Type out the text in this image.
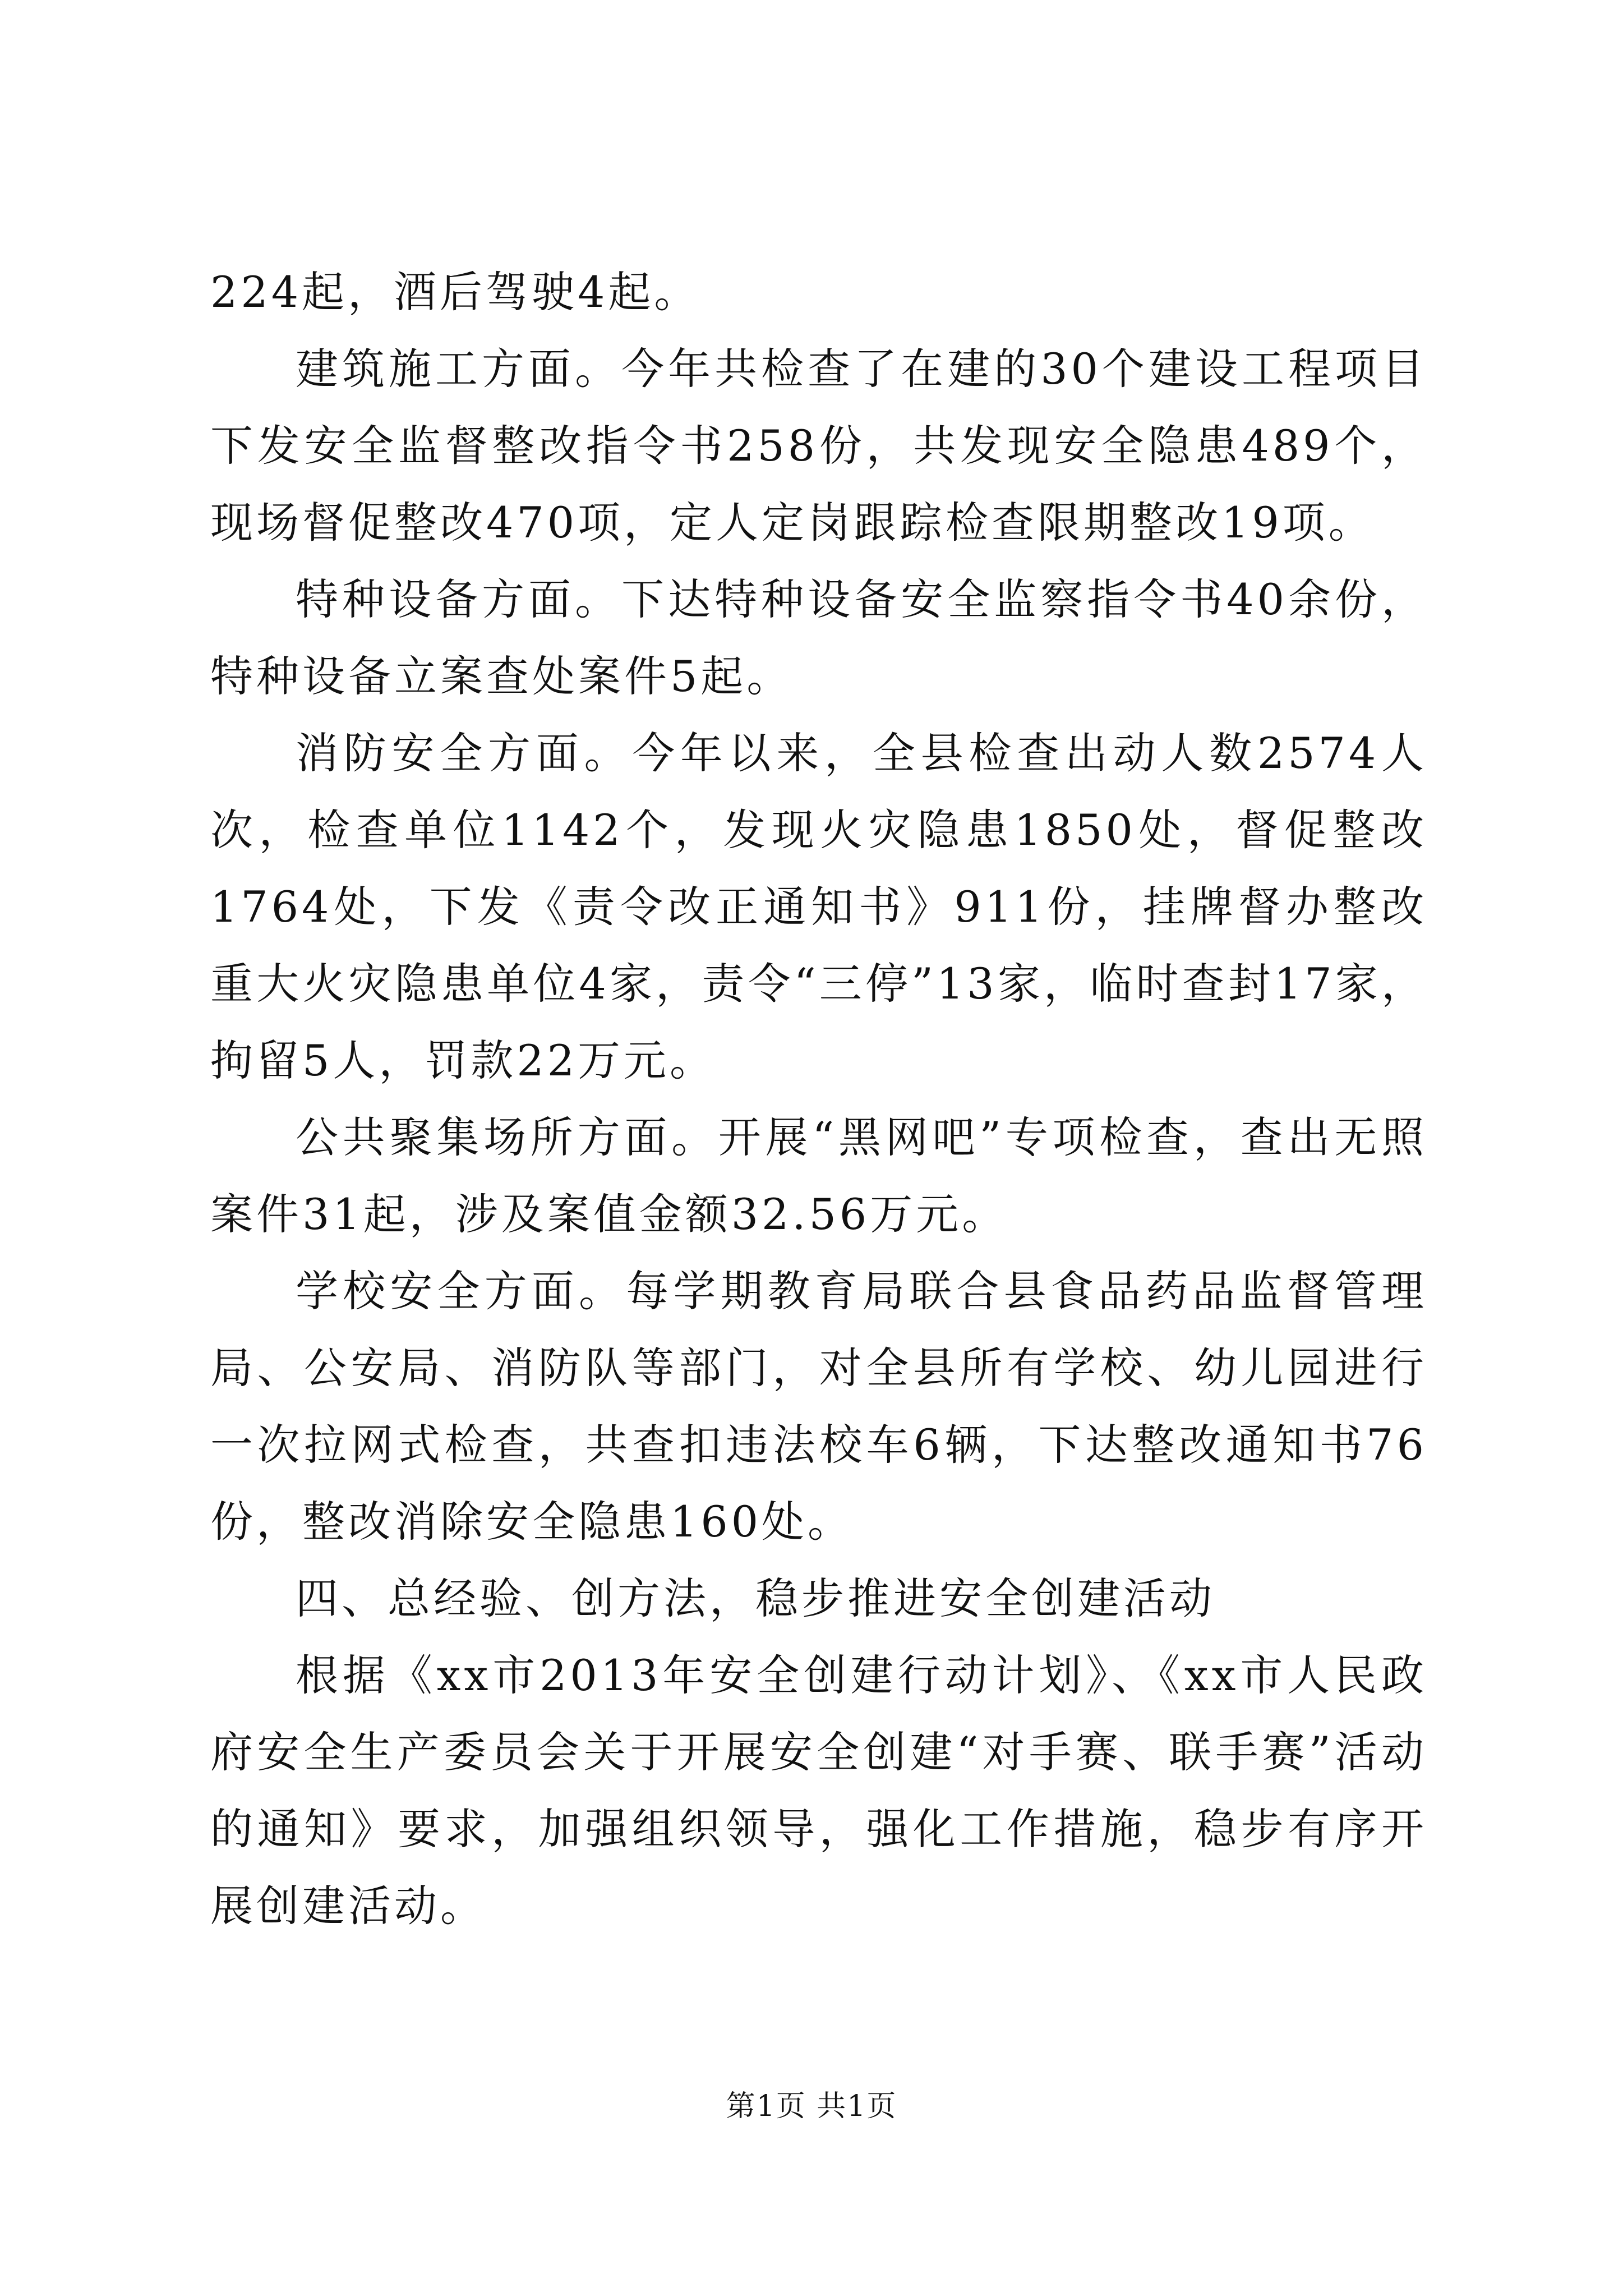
224起，酒后驾驶4起。

建筑施工方面。今年共检查了在建的30个建设工程项目下发安全监督整改指令书258份，共发现安全隐患489个，现场督促整改470项，定人定岗跟踪检查限期整改19项。

特种设备方面。下达特种设备安全监察指令书40余份，特种设备立案查处案件5起。

消防安全方面。今年以来，全县检查出动人数2574人次，检查单位1142个，发现火灾隐患1850处，督促整改1764处，下发《责令改正通知书》911份，挂牌督办整改重大火灾隐患单位4家，责令“三停”13家，临时查封17家，拘留5人，罚款22万元。

公共聚集场所方面。开展“黑网吧”专项检查，查出无照案件31起，涉及案值金额32.56万元。

学校安全方面。每学期教育局联合县食品药品监督管理局、公安局、消防队等部门，对全县所有学校、幼儿园进行一次拉网式检查，共查扣违法校车6辆，下达整改通知书76份，整改消除安全隐患160处。

四、总经验、创方法，稳步推进安全创建活动

根据《xx市2013年安全创建行动计划》、《xx市人民政府安全生产委员会关于开展安全创建“对手赛、联手赛”活动的通知》要求，加强组织领导，强化工作措施，稳步有序开展创建活动。

第1页 共1页
